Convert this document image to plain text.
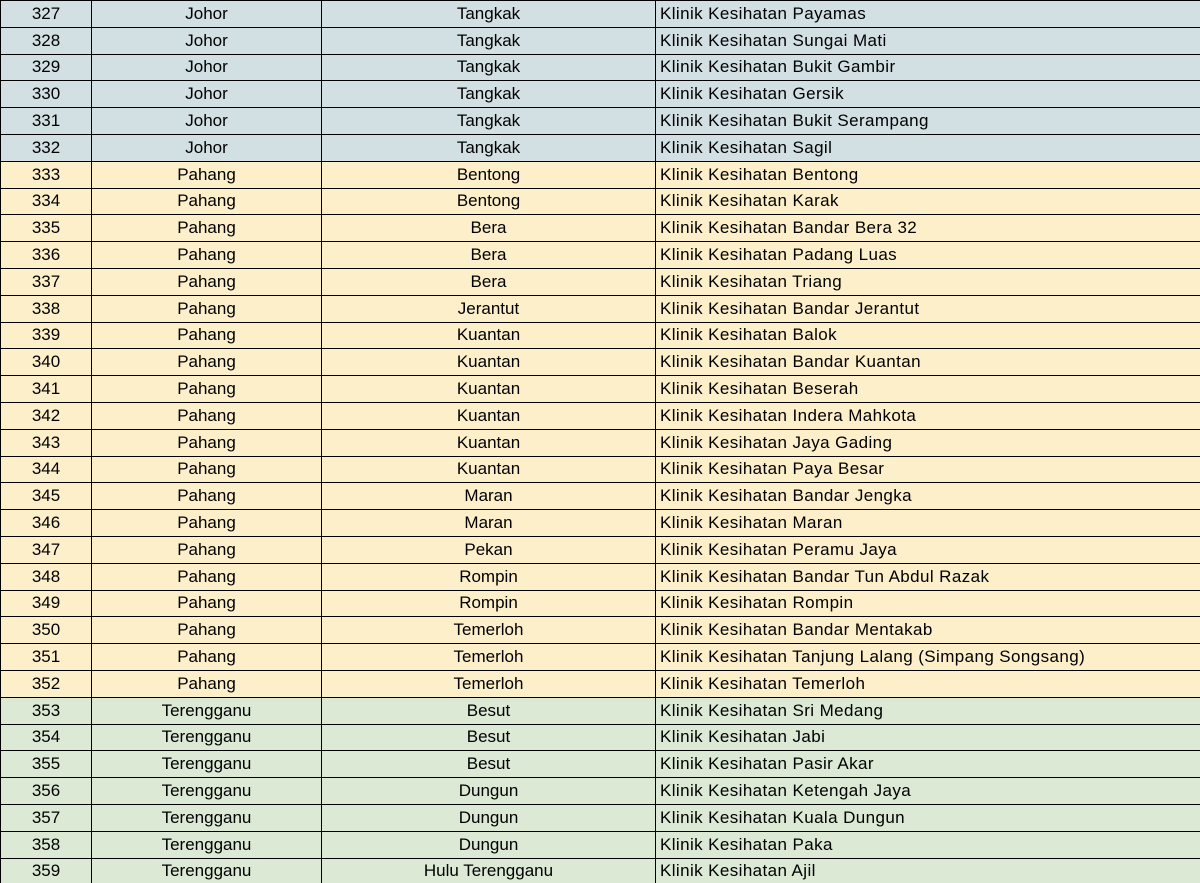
327	Johor	Tangkak	Klinik Kesihatan Payamas
328	Johor	Tangkak	Klinik Kesihatan Sungai Mati
329	Johor	Tangkak	Klinik Kesihatan Bukit Gambir
330	Johor	Tangkak	Klinik Kesihatan Gersik
331	Johor	Tangkak	Klinik Kesihatan Bukit Serampang
332	Johor	Tangkak	Klinik Kesihatan Sagil
333	Pahang	Bentong	Klinik Kesihatan Bentong
334	Pahang	Bentong	Klinik Kesihatan Karak
335	Pahang	Bera	Klinik Kesihatan Bandar Bera 32
336	Pahang	Bera	Klinik Kesihatan Padang Luas
337	Pahang	Bera	Klinik Kesihatan Triang
338	Pahang	Jerantut	Klinik Kesihatan Bandar Jerantut
339	Pahang	Kuantan	Klinik Kesihatan Balok
340	Pahang	Kuantan	Klinik Kesihatan Bandar Kuantan
341	Pahang	Kuantan	Klinik Kesihatan Beserah
342	Pahang	Kuantan	Klinik Kesihatan Indera Mahkota
343	Pahang	Kuantan	Klinik Kesihatan Jaya Gading
344	Pahang	Kuantan	Klinik Kesihatan Paya Besar
345	Pahang	Maran	Klinik Kesihatan Bandar Jengka
346	Pahang	Maran	Klinik Kesihatan Maran
347	Pahang	Pekan	Klinik Kesihatan Peramu Jaya
348	Pahang	Rompin	Klinik Kesihatan Bandar Tun Abdul Razak
349	Pahang	Rompin	Klinik Kesihatan Rompin
350	Pahang	Temerloh	Klinik Kesihatan Bandar Mentakab
351	Pahang	Temerloh	Klinik Kesihatan Tanjung Lalang (Simpang Songsang)
352	Pahang	Temerloh	Klinik Kesihatan Temerloh
353	Terengganu	Besut	Klinik Kesihatan Sri Medang
354	Terengganu	Besut	Klinik Kesihatan Jabi
355	Terengganu	Besut	Klinik Kesihatan Pasir Akar
356	Terengganu	Dungun	Klinik Kesihatan Ketengah Jaya
357	Terengganu	Dungun	Klinik Kesihatan Kuala Dungun
358	Terengganu	Dungun	Klinik Kesihatan Paka
359	Terengganu	Hulu Terengganu	Klinik Kesihatan Ajil
